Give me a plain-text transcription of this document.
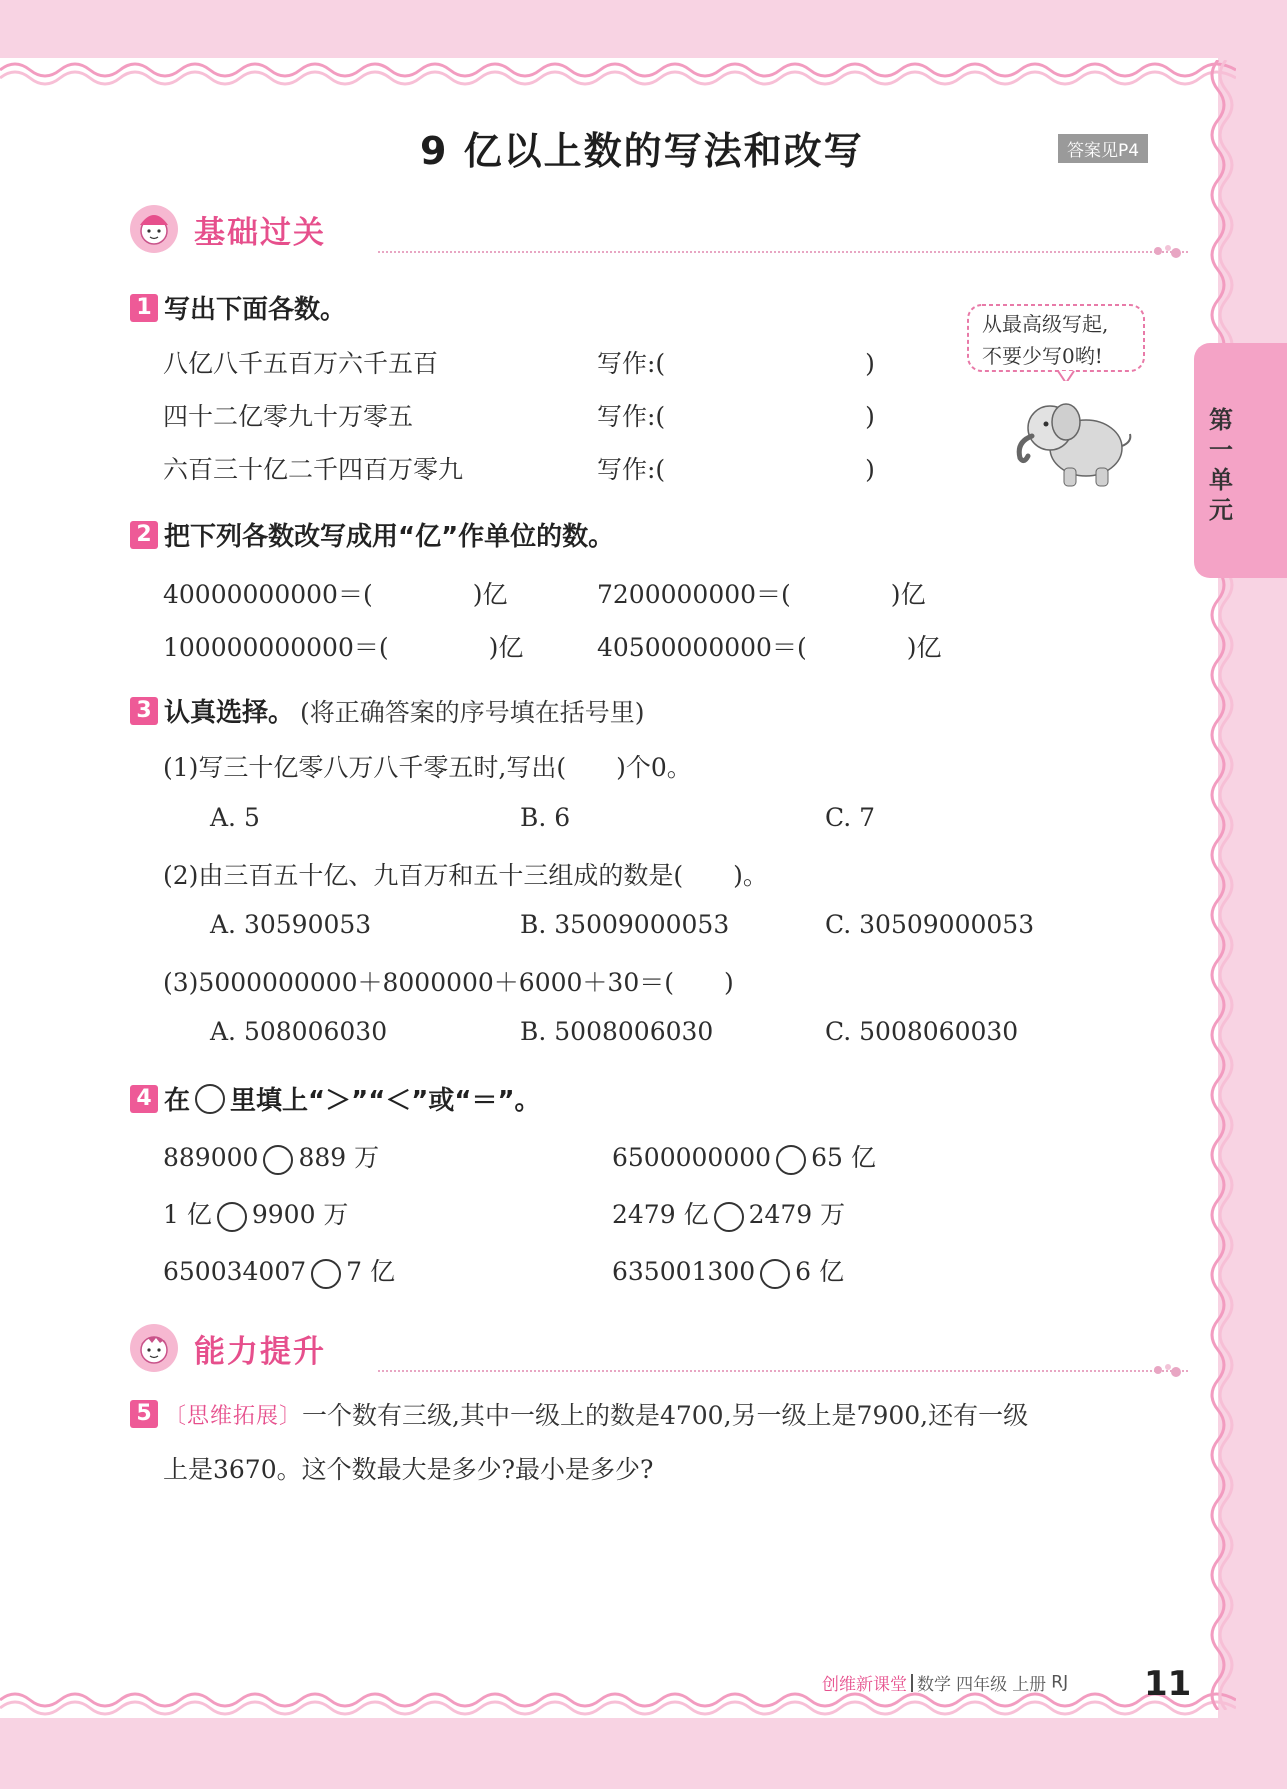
9 亿以上数的写法和改写	答案见P4
第一单元
基础过关
1 写出下面各数。
八亿八千五百万六千五百	写作:(　　　　　　　　)
四十二亿零九十万零五	写作:(　　　　　　　　)
六百三十亿二千四百万零九	写作:(　　　　　　　　)
从最高级写起,
不要少写0哟!
2 把下列各数改写成用“亿”作单位的数。
40000000000＝(　　　　)亿	7200000000＝(　　　　)亿
100000000000＝(　　　　)亿	40500000000＝(　　　　)亿
3 认真选择。 (将正确答案的序号填在括号里)
(1)写三十亿零八万八千零五时,写出(　　)个0。
A. 5	B. 6	C. 7
(2)由三百五十亿、九百万和五十三组成的数是(　　)。
A. 30590053	B. 35009000053	C. 30509000053
(3)5000000000＋8000000＋6000＋30＝(　　)
A. 508006030	B. 5008006030	C. 5008060030
4 在 里填上“＞”“＜”或“＝”。
889000 889 万	6500000000 65 亿
1 亿 9900 万	2479 亿 2479 万
650034007 7 亿	635001300 6 亿
能力提升
5 〔思维拓展〕一个数有三级,其中一级上的数是4700,另一级上是7900,还有一级
上是3670。这个数最大是多少?最小是多少?
创维新课堂 数学 四年级 上册 RJ 11
